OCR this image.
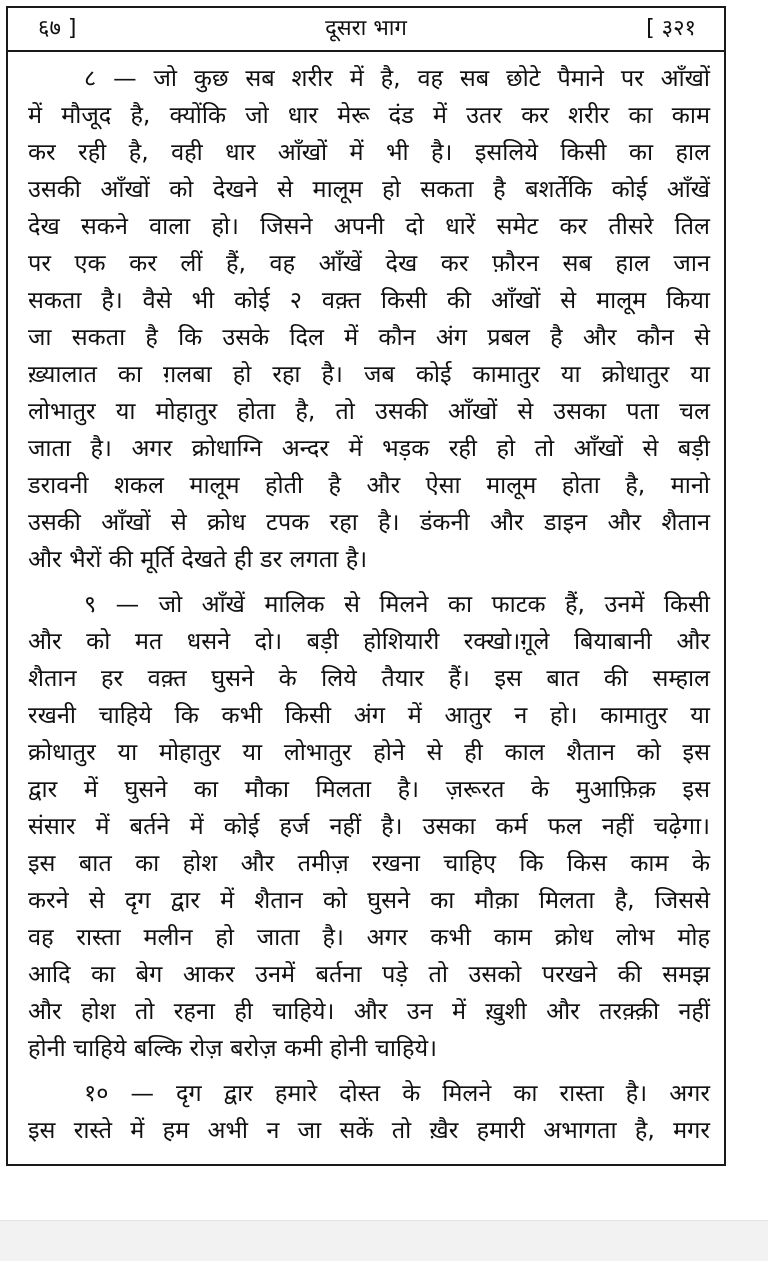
दूसरा भाग
६७ ]	[ ३२१
८ — जो कुछ सब शरीर में है, वह सब छोटे पैमाने पर आँखों
में मौजूद है, क्योंकि जो धार मेरू दंड में उतर कर शरीर का काम
कर रही है, वही धार आँखों में भी है। इसलिये किसी का हाल
उसकी आँखों को देखने से मालूम हो सकता है बशर्तेकि कोई आँखें
देख सकने वाला हो। जिसने अपनी दो धारें समेट कर तीसरे तिल
पर एक कर लीं हैं, वह आँखें देख कर फ़ौरन सब हाल जान
सकता है। वैसे भी कोई २ वक़्त किसी की आँखों से मालूम किया
जा सकता है कि उसके दिल में कौन अंग प्रबल है और कौन से
ख़्यालात का ग़लबा हो रहा है। जब कोई कामातुर या क्रोधातुर या
लोभातुर या मोहातुर होता है, तो उसकी आँखों से उसका पता चल
जाता है। अगर क्रोधाग्नि अन्दर में भड़क रही हो तो आँखों से बड़ी
डरावनी शकल मालूम होती है और ऐसा मालूम होता है, मानो
उसकी आँखों से क्रोध टपक रहा है। डंकनी और डाइन और शैतान
और भैरों की मूर्ति देखते ही डर लगता है।
९ — जो आँखें मालिक से मिलने का फाटक हैं, उनमें किसी
और को मत धसने दो। बड़ी होशियारी रक्खो।ग़ूले बियाबानी और
शैतान हर वक़्त घुसने के लिये तैयार हैं। इस बात की सम्हाल
रखनी चाहिये कि कभी किसी अंग में आतुर न हो। कामातुर या
क्रोधातुर या मोहातुर या लोभातुर होने से ही काल शैतान को इस
द्वार में घुसने का मौका मिलता है। ज़रूरत के मुआफ़िक़ इस
संसार में बर्तने में कोई हर्ज नहीं है। उसका कर्म फल नहीं चढ़ेगा।
इस बात का होश और तमीज़ रखना चाहिए कि किस काम के
करने से दृग द्वार में शैतान को घुसने का मौक़ा मिलता है, जिससे
वह रास्ता मलीन हो जाता है। अगर कभी काम क्रोध लोभ मोह
आदि का बेग आकर उनमें बर्तना पड़े तो उसको परखने की समझ
और होश तो रहना ही चाहिये। और उन में ख़ुशी और तरक़्क़ी नहीं
होनी चाहिये बल्कि रोज़ बरोज़ कमी होनी चाहिये।
१० — दृग द्वार हमारे दोस्त के मिलने का रास्ता है। अगर
इस रास्ते में हम अभी न जा सकें तो ख़ैर हमारी अभागता है, मगर
